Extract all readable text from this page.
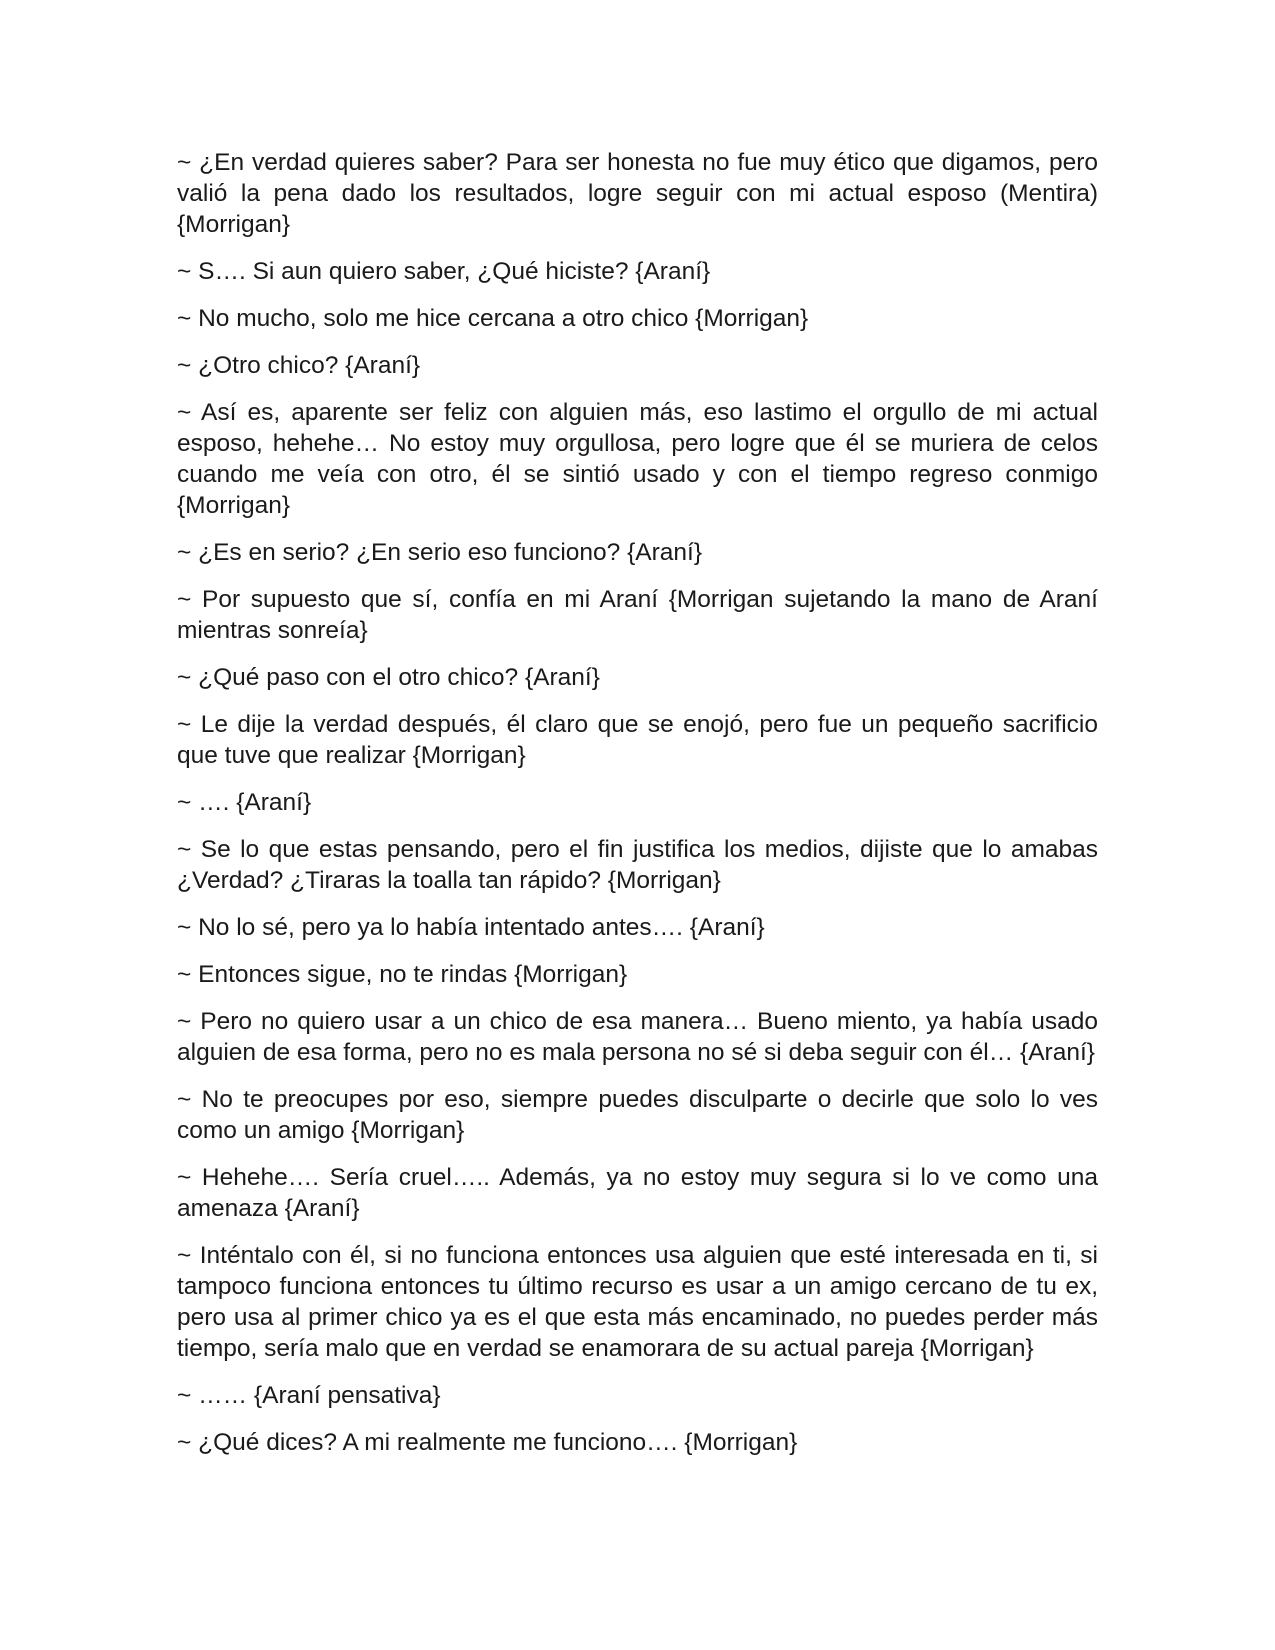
~ ¿En verdad quieres saber? Para ser honesta no fue muy ético que digamos, pero valió la pena dado los resultados, logre seguir con mi actual esposo (Mentira) {Morrigan}

~ S…. Si aun quiero saber, ¿Qué hiciste? {Araní}

~ No mucho, solo me hice cercana a otro chico {Morrigan}

~ ¿Otro chico? {Araní}

~ Así es, aparente ser feliz con alguien más, eso lastimo el orgullo de mi actual esposo, hehehe… No estoy muy orgullosa, pero logre que él se muriera de celos cuando me veía con otro, él se sintió usado y con el tiempo regreso conmigo {Morrigan}

~ ¿Es en serio? ¿En serio eso funciono? {Araní}

~ Por supuesto que sí, confía en mi Araní {Morrigan sujetando la mano de Araní mientras sonreía}

~ ¿Qué paso con el otro chico? {Araní}

~ Le dije la verdad después, él claro que se enojó, pero fue un pequeño sacrificio que tuve que realizar {Morrigan}

~ …. {Araní}

~ Se lo que estas pensando, pero el fin justifica los medios, dijiste que lo amabas ¿Verdad? ¿Tiraras la toalla tan rápido? {Morrigan}

~ No lo sé, pero ya lo había intentado antes…. {Araní}

~ Entonces sigue, no te rindas {Morrigan}

~ Pero no quiero usar a un chico de esa manera… Bueno miento, ya había usado alguien de esa forma, pero no es mala persona no sé si deba seguir con él… {Araní}

~ No te preocupes por eso, siempre puedes disculparte o decirle que solo lo ves como un amigo {Morrigan}

~ Hehehe…. Sería cruel….. Además, ya no estoy muy segura si lo ve como una amenaza {Araní}

~ Inténtalo con él, si no funciona entonces usa alguien que esté interesada en ti, si tampoco funciona entonces tu último recurso es usar a un amigo cercano de tu ex, pero usa al primer chico ya es el que esta más encaminado, no puedes perder más tiempo, sería malo que en verdad se enamorara de su actual pareja {Morrigan}

~ …… {Araní pensativa}

~ ¿Qué dices? A mi realmente me funciono…. {Morrigan}
